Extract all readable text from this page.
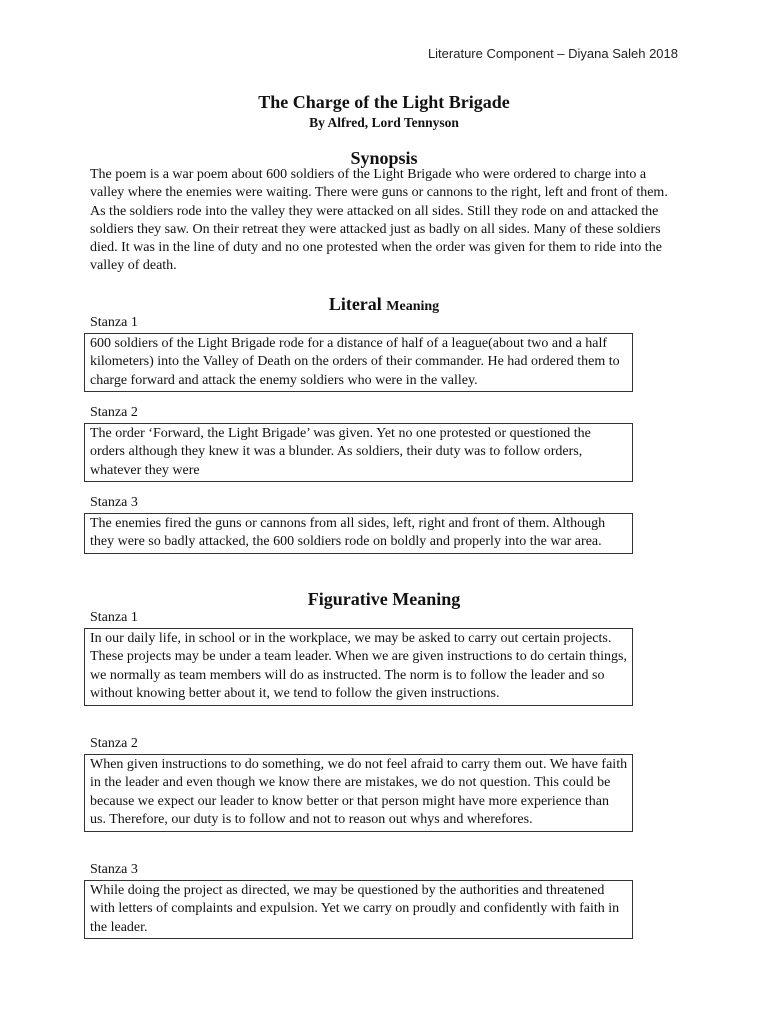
Literature Component – Diyana Saleh 2018
The Charge of the Light Brigade
By Alfred, Lord Tennyson
Synopsis
The poem is a war poem about 600 soldiers of the Light Brigade who were ordered to charge into a valley where the enemies were waiting. There were guns or cannons to the right, left and front of them. As the soldiers rode into the valley they were attacked on all sides. Still they rode on and attacked the soldiers they saw. On their retreat they were attacked just as badly on all sides. Many of these soldiers died. It was in the line of duty and no one protested when the order was given for them to ride into the valley of death.
Literal Meaning
Stanza 1
600 soldiers of the Light Brigade rode for a distance of half of a league(about two and a half kilometers) into the Valley of Death on the orders of their commander. He had ordered them to charge forward and attack the enemy soldiers who were in the valley.
Stanza 2
The order ‘Forward, the Light Brigade’ was given. Yet no one protested or questioned the orders although they knew it was a blunder. As soldiers, their duty was to follow orders, whatever they were
Stanza 3
The enemies fired the guns or cannons from all sides, left, right and front of them. Although they were so badly attacked, the 600 soldiers rode on boldly and properly into the war area.
Figurative Meaning
Stanza 1
In our daily life, in school or in the workplace, we may be asked to carry out certain projects. These projects may be under a team leader. When we are given instructions to do certain things, we normally as team members will do as instructed. The norm is to follow the leader and so without knowing better about it, we tend to follow the given instructions.
Stanza 2
When given instructions to do something, we do not feel afraid to carry them out. We have faith in the leader and even though we know there are mistakes, we do not question. This could be because we expect our leader to know better or that person might have more experience than us. Therefore, our duty is to follow and not to reason out whys and wherefores.
Stanza 3
While doing the project as directed, we may be questioned by the authorities and threatened with letters of complaints and expulsion. Yet we carry on proudly and confidently with faith in the leader.
